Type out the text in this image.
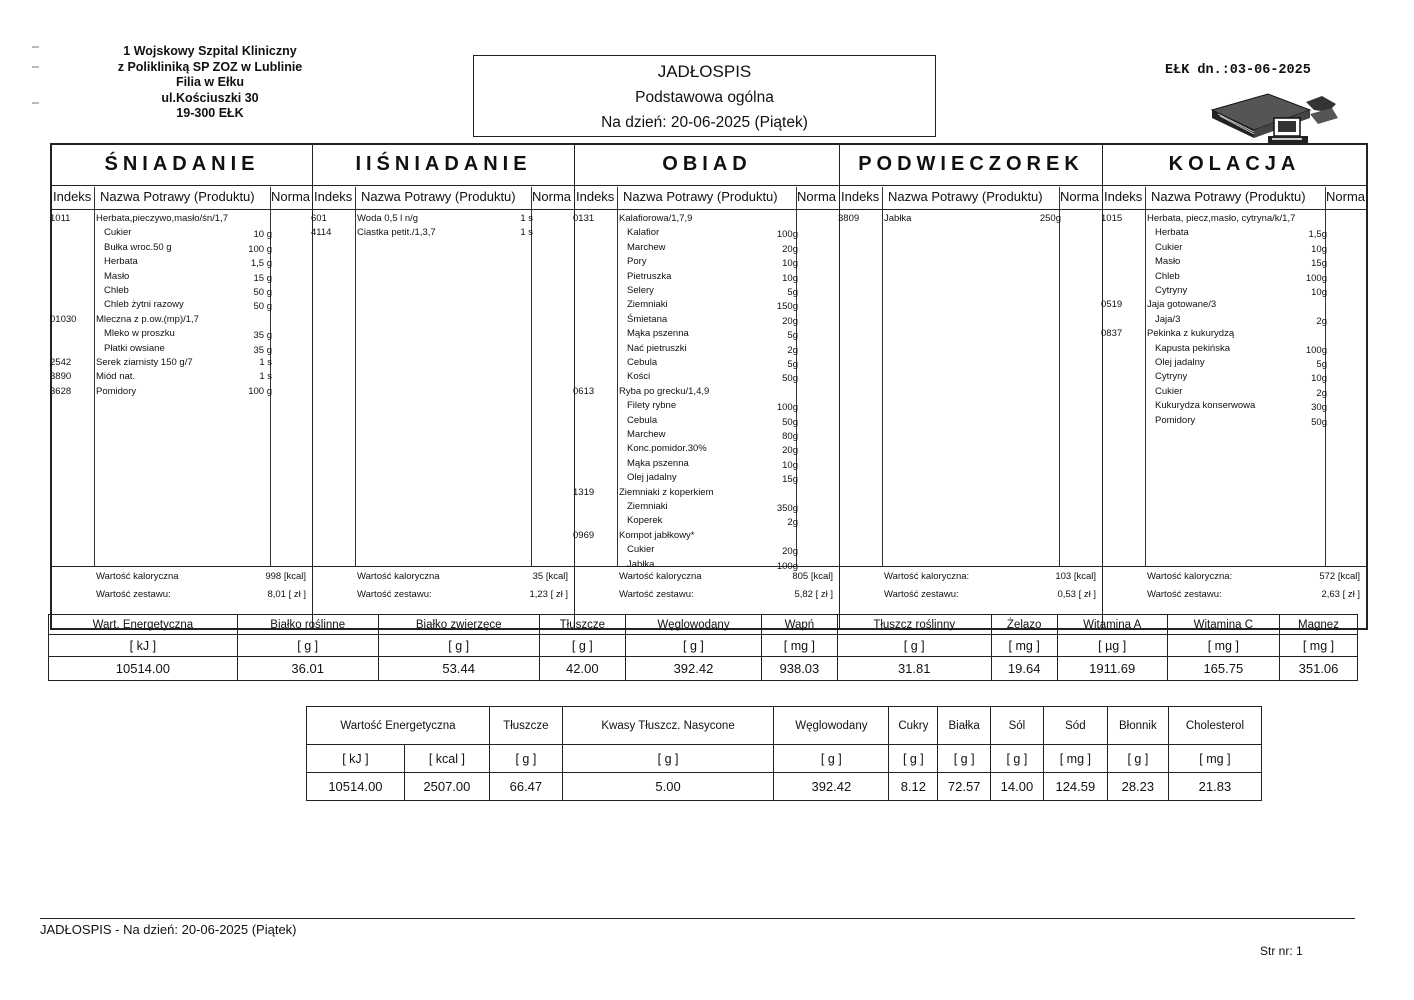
1 Wojskowy Szpital Kliniczny
z Polikliniką SP ZOZ w Lublinie
Filia w Ełku
ul.Kościuszki 30
19-300 EŁK
JADŁOSPIS
Podstawowa ogólna
Na dzień: 20-06-2025 (Piątek)
EŁK dn.:03-06-2025
ŚNIADANIE
Indeks Nazwa Potrawy (Produktu) Norma
1011	Herbata,pieczywo,masło/śn/1,7
Cukier	10 g
Bułka wroc.50 g	100 g
Herbata	1,5 g
Masło	15 g
Chleb	50 g
Chleb żytni razowy	50 g
01030 Mleczna z p.ow.(mp)/1,7
Mleko w proszku	35 g
Płatki owsiane	35 g
2542	Serek ziarnisty 150 g/7	1 s
3890	Miód nat.	1 s
3628	Pomidory	100 g
Wartość kaloryczna	998 [kcal]
Wartość zestawu:	8,01 [ zł ]
IIŚNIADANIE
Indeks Nazwa Potrawy (Produktu) Norma
601	Woda 0,5 l n/g	1 s
4114	Ciastka petit./1,3,7	1 s
Wartość kaloryczna	35 [kcal]
Wartość zestawu:	1,23 [ zł ]
OBIAD
Indeks Nazwa Potrawy (Produktu) Norma
0131	Kalafiorowa/1,7,9
Kalafior	100g
Marchew	20g
Pory	10g
Pietruszka	10g
Selery	5g
Ziemniaki	150g
Śmietana	20g
Mąka pszenna	5g
Nać pietruszki	2g
Cebula	5g
Kości	50g
0613	Ryba po grecku/1,4,9
Filety rybne	100g
Cebula	50g
Marchew	80g
Konc.pomidor.30%	20g
Mąka pszenna	10g
Olej jadalny	15g
1319	Ziemniaki z koperkiem
Ziemniaki	350g
Koperek	2g
0969	Kompot jabłkowy*
Cukier	20g
Jabłka	100g
Wartość kaloryczna	805 [kcal]
Wartość zestawu:	5,82 [ zł ]
PODWIECZOREK
Indeks Nazwa Potrawy (Produktu) Norma
3809	Jabłka	250g
Wartość kaloryczna:	103 [kcal]
Wartość zestawu:	0,53 [ zł ]
KOLACJA
Indeks Nazwa Potrawy (Produktu) Norma
1015	Herbata, piecz,masło, cytryna/k/1,7
Herbata	1,5g
Cukier	10g
Masło	15g
Chleb	100g
Cytryny	10g
0519	Jaja gotowane/3
Jaja/3	2g
0837	Pekinka z kukurydzą
Kapusta pekińska	100g
Olej jadalny	5g
Cytryny	10g
Cukier	2g
Kukurydza konserwowa	30g
Pomidory	50g
Wartość kaloryczna:	572 [kcal]
Wartość zestawu:	2,63 [ zł ]
Wart. Energetyczna	Białko roślinne	Białko zwierzęce	Tłuszcze	Węglowodany	Wapń	Tłuszcz roślinny	Żelazo	Witamina A	Witamina C	Magnez
[ kJ ]	[ g ]	[ g ]	[ g ]	[ g ]	[ mg ]	[ g ]	[ mg ]	[ µg ]	[ mg ]	[ mg ]
10514.00	36.01	53.44	42.00	392.42	938.03	31.81	19.64	1911.69	165.75	351.06
Wartość Energetyczna		Tłuszcze	Kwasy Tłuszcz. Nasycone	Węglowodany	Cukry	Białka	Sól	Sód	Błonnik	Cholesterol
[ kJ ]	[ kcal ]	[ g ]	[ g ]	[ g ]	[ g ]	[ g ]	[ g ]	[ mg ]	[ g ]	[ mg ]
10514.00	2507.00	66.47	5.00	392.42	8.12	72.57	14.00	124.59	28.23	21.83
JADŁOSPIS - Na dzień: 20-06-2025 (Piątek)
Str nr: 1
